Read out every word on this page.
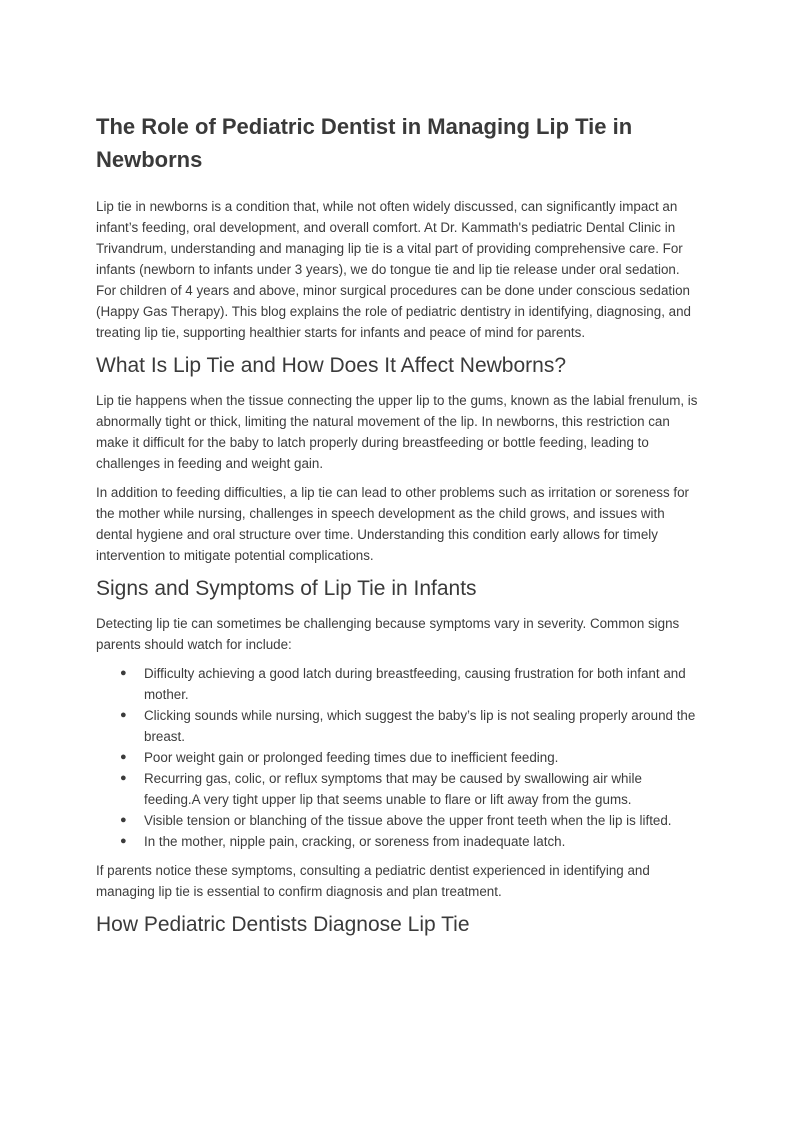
The Role of Pediatric Dentist in Managing Lip Tie in Newborns

Lip tie in newborns is a condition that, while not often widely discussed, can significantly impact an infant’s feeding, oral development, and overall comfort. At Dr. Kammath's pediatric Dental Clinic in Trivandrum, understanding and managing lip tie is a vital part of providing comprehensive care. For infants (newborn to infants under 3 years), we do tongue tie and lip tie release under oral sedation. For children of 4 years and above, minor surgical procedures can be done under conscious sedation (Happy Gas Therapy). This blog explains the role of pediatric dentistry in identifying, diagnosing, and treating lip tie, supporting healthier starts for infants and peace of mind for parents.

What Is Lip Tie and How Does It Affect Newborns?

Lip tie happens when the tissue connecting the upper lip to the gums, known as the labial frenulum, is abnormally tight or thick, limiting the natural movement of the lip. In newborns, this restriction can make it difficult for the baby to latch properly during breastfeeding or bottle feeding, leading to challenges in feeding and weight gain.

In addition to feeding difficulties, a lip tie can lead to other problems such as irritation or soreness for the mother while nursing, challenges in speech development as the child grows, and issues with dental hygiene and oral structure over time. Understanding this condition early allows for timely intervention to mitigate potential complications.

Signs and Symptoms of Lip Tie in Infants

Detecting lip tie can sometimes be challenging because symptoms vary in severity. Common signs parents should watch for include:

● Difficulty achieving a good latch during breastfeeding, causing frustration for both infant and mother.
● Clicking sounds while nursing, which suggest the baby’s lip is not sealing properly around the breast.
● Poor weight gain or prolonged feeding times due to inefficient feeding.
● Recurring gas, colic, or reflux symptoms that may be caused by swallowing air while feeding.A very tight upper lip that seems unable to flare or lift away from the gums.
● Visible tension or blanching of the tissue above the upper front teeth when the lip is lifted.
● In the mother, nipple pain, cracking, or soreness from inadequate latch.

If parents notice these symptoms, consulting a pediatric dentist experienced in identifying and managing lip tie is essential to confirm diagnosis and plan treatment.

How Pediatric Dentists Diagnose Lip Tie
